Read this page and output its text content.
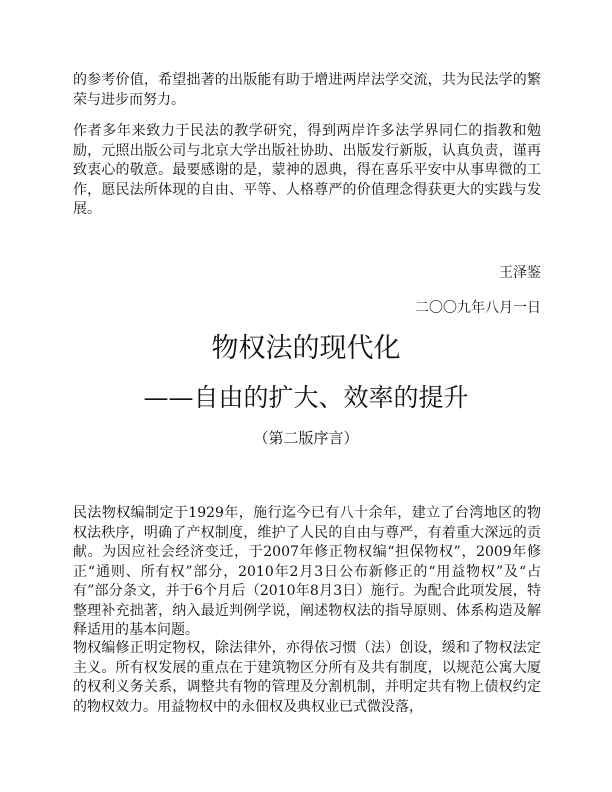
的参考价值，希望拙著的出版能有助于增进两岸法学交流，共为民法学的繁荣与进步而努力。

作者多年来致力于民法的教学研究，得到两岸许多法学界同仁的指教和勉励，元照出版公司与北京大学出版社协助、出版发行新版，认真负责，谨再致衷心的敬意。最要感谢的是，蒙神的恩典，得在喜乐平安中从事卑微的工作，愿民法所体现的自由、平等、人格尊严的价值理念得获更大的实践与发展。

王泽鉴

二〇〇九年八月一日

物权法的现代化
——自由的扩大、效率的提升

（第二版序言）

民法物权编制定于1929年，施行迄今已有八十余年，建立了台湾地区的物权法秩序，明确了产权制度，维护了人民的自由与尊严，有着重大深远的贡献。为因应社会经济变迁，于2007年修正物权编“担保物权”，2009年修正“通则、所有权”部分，2010年2月3日公布新修正的“用益物权”及“占有”部分条文，并于6个月后（2010年8月3日）施行。为配合此项发展，特整理补充拙著，纳入最近判例学说，阐述物权法的指导原则、体系构造及解释适用的基本问题。

物权编修正明定物权，除法律外，亦得依习惯（法）创设，缓和了物权法定主义。所有权发展的重点在于建筑物区分所有及共有制度，以规范公寓大厦的权利义务关系，调整共有物的管理及分割机制，并明定共有物上债权约定的物权效力。用益物权中的永佃权及典权业已式微没落，
